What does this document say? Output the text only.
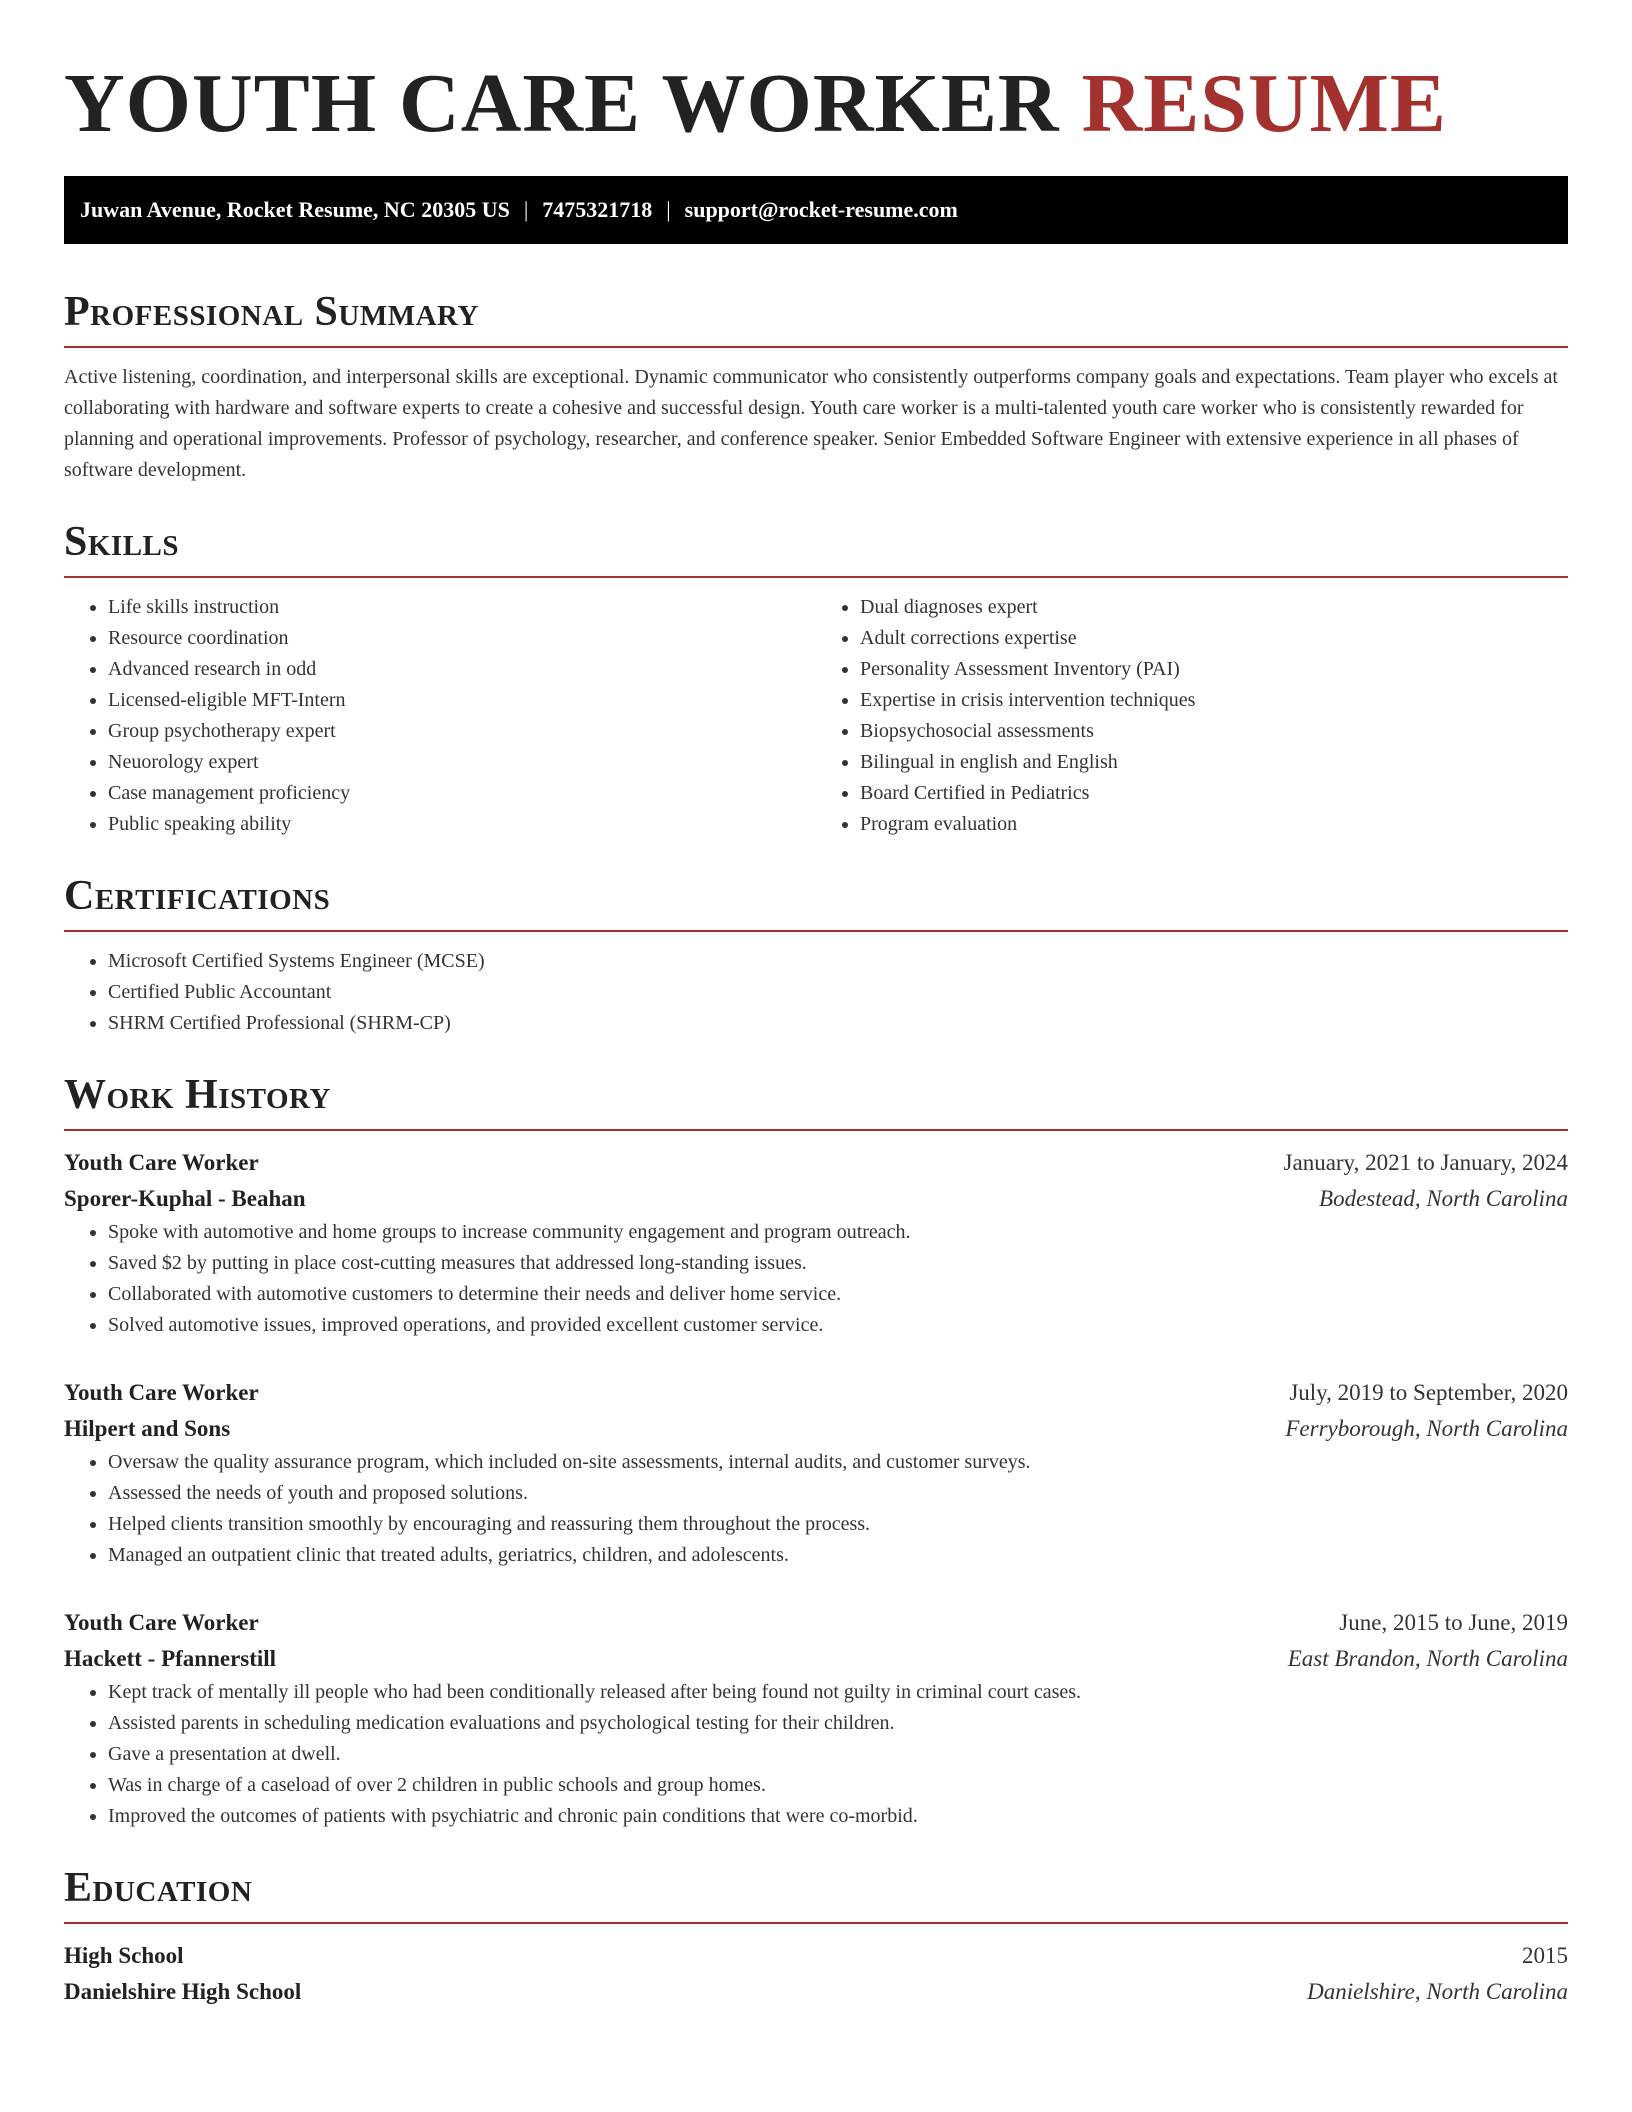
YOUTH CARE WORKER RESUME
Juwan Avenue, Rocket Resume, NC 20305 US | 7475321718 | support@rocket-resume.com
Professional Summary

Active listening, coordination, and interpersonal skills are exceptional. Dynamic communicator who consistently outperforms company goals and expectations. Team player who excels at collaborating with hardware and software experts to create a cohesive and successful design. Youth care worker is a multi-talented youth care worker who is consistently rewarded for planning and operational improvements. Professor of psychology, researcher, and conference speaker. Senior Embedded Software Engineer with extensive experience in all phases of software development.

Skills
• Life skills instruction
• Resource coordination
• Advanced research in odd
• Licensed-eligible MFT-Intern
• Group psychotherapy expert
• Neuorology expert
• Case management proficiency
• Public speaking ability
• Dual diagnoses expert
• Adult corrections expertise
• Personality Assessment Inventory (PAI)
• Expertise in crisis intervention techniques
• Biopsychosocial assessments
• Bilingual in english and English
• Board Certified in Pediatrics
• Program evaluation
Certifications
• Microsoft Certified Systems Engineer (MCSE)
• Certified Public Accountant
• SHRM Certified Professional (SHRM-CP)
Work History
Youth Care Worker	January, 2021 to January, 2024
Sporer-Kuphal - Beahan	Bodestead, North Carolina
• Spoke with automotive and home groups to increase community engagement and program outreach.
• Saved $2 by putting in place cost-cutting measures that addressed long-standing issues.
• Collaborated with automotive customers to determine their needs and deliver home service.
• Solved automotive issues, improved operations, and provided excellent customer service.
Youth Care Worker	July, 2019 to September, 2020
Hilpert and Sons	Ferryborough, North Carolina
• Oversaw the quality assurance program, which included on-site assessments, internal audits, and customer surveys.
• Assessed the needs of youth and proposed solutions.
• Helped clients transition smoothly by encouraging and reassuring them throughout the process.
• Managed an outpatient clinic that treated adults, geriatrics, children, and adolescents.
Youth Care Worker	June, 2015 to June, 2019
Hackett - Pfannerstill	East Brandon, North Carolina
• Kept track of mentally ill people who had been conditionally released after being found not guilty in criminal court cases.
• Assisted parents in scheduling medication evaluations and psychological testing for their children.
• Gave a presentation at dwell.
• Was in charge of a caseload of over 2 children in public schools and group homes.
• Improved the outcomes of patients with psychiatric and chronic pain conditions that were co-morbid.
Education
High School	2015
Danielshire High School	Danielshire, North Carolina
